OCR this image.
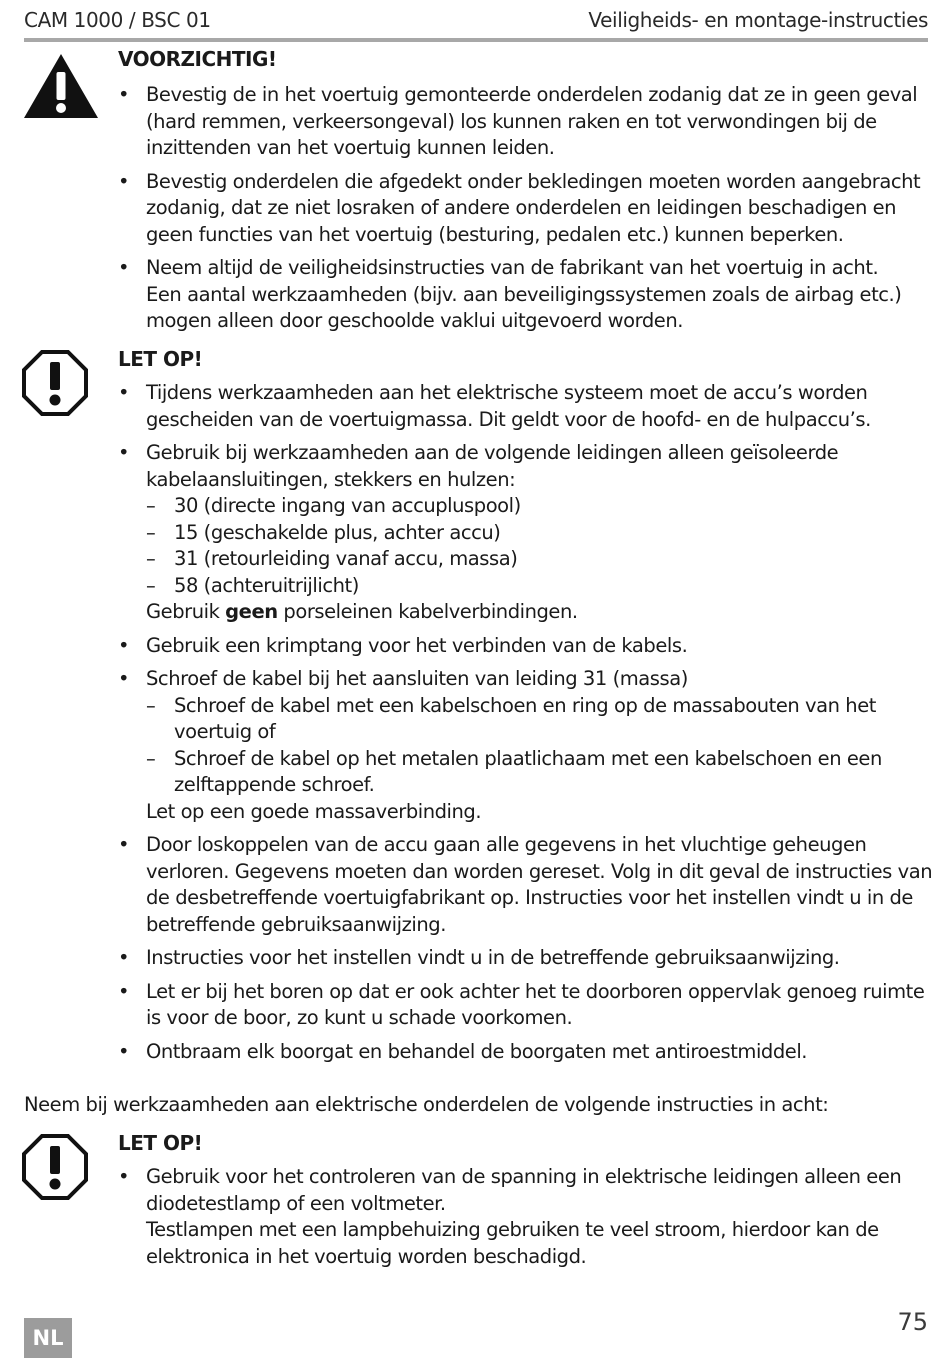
CAM 1000 / BSC 01	Veiligheids- en montage-instructies
VOORZICHTIG!
• Bevestig de in het voertuig gemonteerde onderdelen zodanig dat ze in geen geval (hard remmen, verkeersongeval) los kunnen raken en tot verwondingen bij de inzittenden van het voertuig kunnen leiden.
• Bevestig onderdelen die afgedekt onder bekledingen moeten worden aangebracht zodanig, dat ze niet losraken of andere onderdelen en leidingen beschadigen en geen functies van het voertuig (besturing, pedalen etc.) kunnen beperken.
• Neem altijd de veiligheidsinstructies van de fabrikant van het voertuig in acht.
Een aantal werkzaamheden (bijv. aan beveiligingssystemen zoals de airbag etc.) mogen alleen door geschoolde vaklui uitgevoerd worden.
LET OP!
• Tijdens werkzaamheden aan het elektrische systeem moet de accu’s worden gescheiden van de voertuigmassa. Dit geldt voor de hoofd- en de hulpaccu’s.
• Gebruik bij werkzaamheden aan de volgende leidingen alleen geïsoleerde kabelaansluitingen, stekkers en hulzen:
– 30 (directe ingang van accupluspool)
– 15 (geschakelde plus, achter accu)
– 31 (retourleiding vanaf accu, massa)
– 58 (achteruitrijlicht)
Gebruik geen porseleinen kabelverbindingen.
• Gebruik een krimptang voor het verbinden van de kabels.
• Schroef de kabel bij het aansluiten van leiding 31 (massa)
– Schroef de kabel met een kabelschoen en ring op de massabouten van het voertuig of
– Schroef de kabel op het metalen plaatlichaam met een kabelschoen en een zelftappende schroef.
Let op een goede massaverbinding.
• Door loskoppelen van de accu gaan alle gegevens in het vluchtige geheugen verloren. Gegevens moeten dan worden gereset. Volg in dit geval de instructies van de desbetreffende voertuigfabrikant op. Instructies voor het instellen vindt u in de betreffende gebruiksaanwijzing.
• Instructies voor het instellen vindt u in de betreffende gebruiksaanwijzing.
• Let er bij het boren op dat er ook achter het te doorboren oppervlak genoeg ruimte is voor de boor, zo kunt u schade voorkomen.
• Ontbraam elk boorgat en behandel de boorgaten met antiroestmiddel.
Neem bij werkzaamheden aan elektrische onderdelen de volgende instructies in acht:
LET OP!
• Gebruik voor het controleren van de spanning in elektrische leidingen alleen een diodetestlamp of een voltmeter.
Testlampen met een lampbehuizing gebruiken te veel stroom, hierdoor kan de elektronica in het voertuig worden beschadigd.
NL
75
